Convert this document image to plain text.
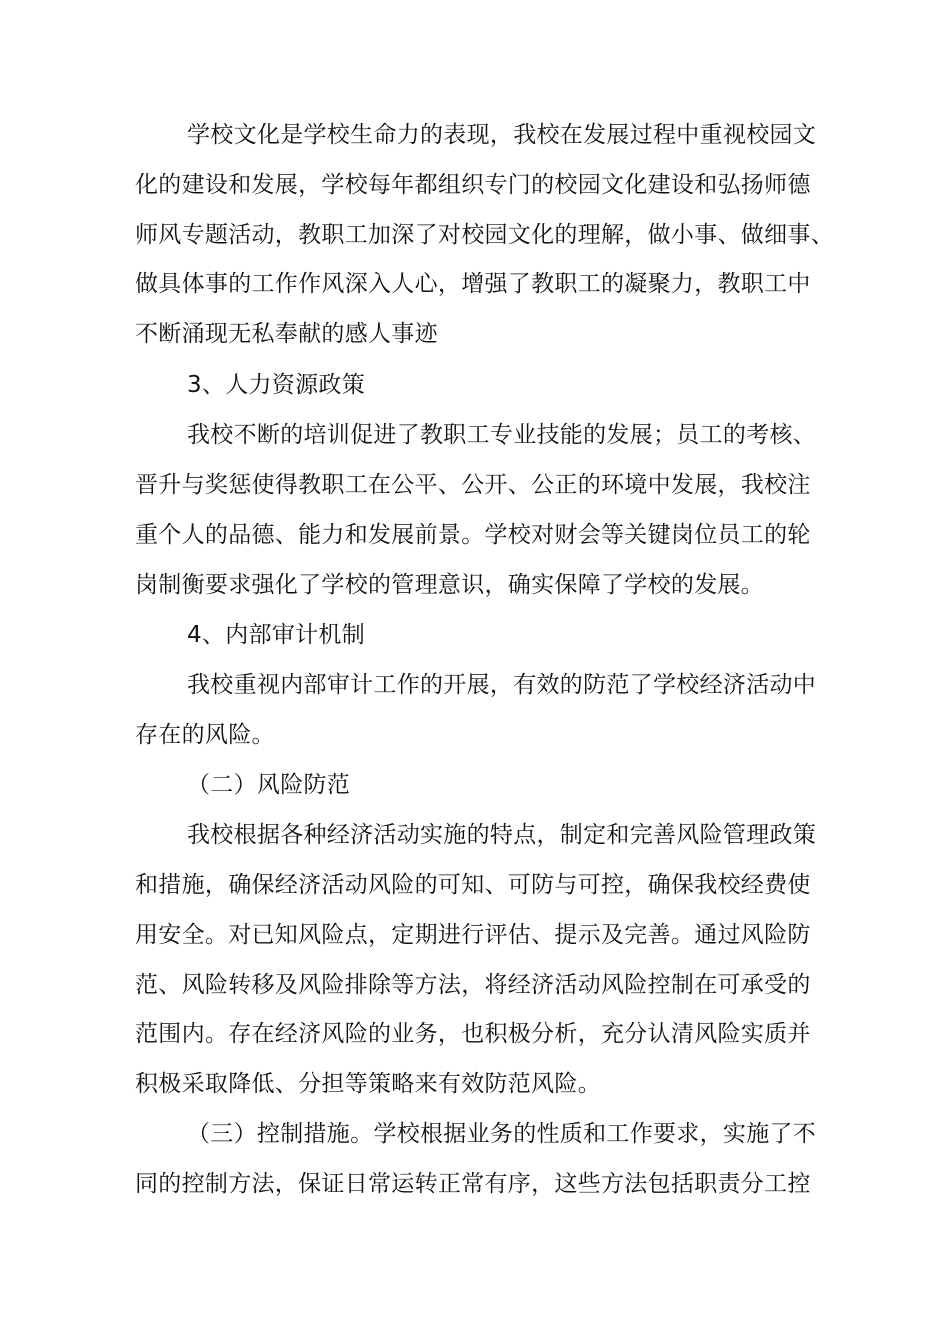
学校文化是学校生命力的表现，我校在发展过程中重视校园文
化的建设和发展，学校每年都组织专门的校园文化建设和弘扬师德
师风专题活动，教职工加深了对校园文化的理解，做小事、做细事、
做具体事的工作作风深入人心，增强了教职工的凝聚力，教职工中
不断涌现无私奉献的感人事迹
3、人力资源政策
我校不断的培训促进了教职工专业技能的发展；员工的考核、
晋升与奖惩使得教职工在公平、公开、公正的环境中发展，我校注
重个人的品德、能力和发展前景。学校对财会等关键岗位员工的轮
岗制衡要求强化了学校的管理意识，确实保障了学校的发展。
4、内部审计机制
我校重视内部审计工作的开展，有效的防范了学校经济活动中
存在的风险。
（二）风险防范
我校根据各种经济活动实施的特点，制定和完善风险管理政策
和措施，确保经济活动风险的可知、可防与可控，确保我校经费使
用安全。对已知风险点，定期进行评估、提示及完善。通过风险防
范、风险转移及风险排除等方法，将经济活动风险控制在可承受的
范围内。存在经济风险的业务，也积极分析，充分认清风险实质并
积极采取降低、分担等策略来有效防范风险。
（三）控制措施。学校根据业务的性质和工作要求，实施了不
同的控制方法，保证日常运转正常有序，这些方法包括职责分工控
